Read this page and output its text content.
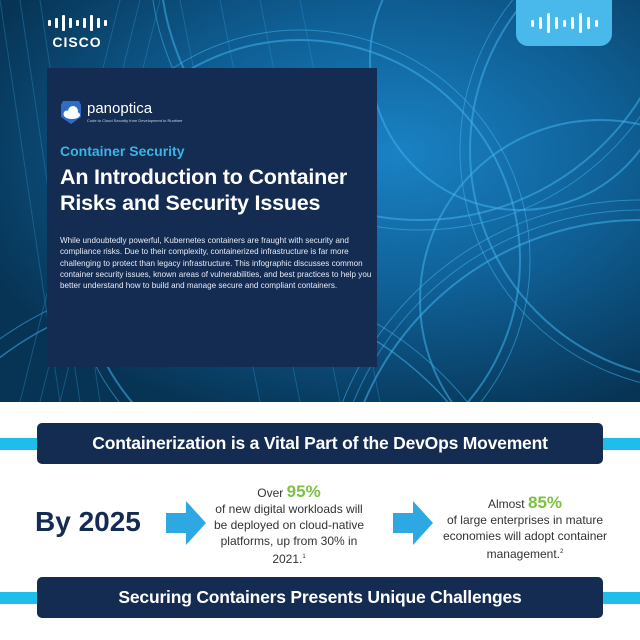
CISCO
panoptica
Code to Cloud Security from Development to Runtime
Container Security
An Introduction to Container Risks and Security Issues
While undoubtedly powerful, Kubernetes containers are fraught with security and compliance risks. Due to their complexity, containerized infrastructure is far more challenging to protect than legacy infrastructure. This infographic discusses common container security issues, known areas of vulnerabilities, and best practices to help you better understand how to build and manage secure and compliant containers.
Containerization is a Vital Part of the DevOps Movement
By 2025
Over 95%
of new digital workloads will be deployed on cloud-native platforms, up from 30% in 2021.$^1$
Almost 85%
of large enterprises in mature economies will adopt container management.$^2$
Securing Containers Presents Unique Challenges
